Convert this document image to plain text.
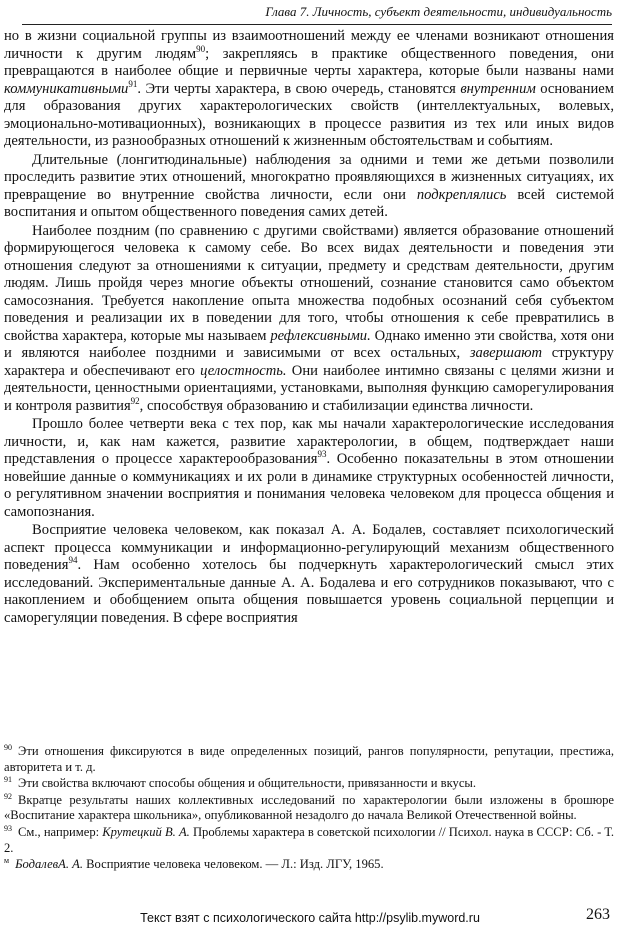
Глава 7. Личность, субъект деятельности, индивидуальность

но в жизни социальной группы из взаимоотношений между ее членами возникают отношения личности к другим людям$^{90}$; закрепляясь в практике общественного поведения, они превращаются в наиболее общие и первичные черты характера, которые были названы нами коммуникативными$^{91}$. Эти черты характера, в свою очередь, становятся внутренним основанием для образования других характерологических свойств (интеллектуальных, волевых, эмоционально-мотивационных), возникающих в процессе развития из тех или иных видов деятельности, из разнообразных отношений к жизненным обстоятельствам и событиям.

Длительные (лонгитюдинальные) наблюдения за одними и теми же детьми позволили проследить развитие этих отношений, многократно проявляющихся в жизненных ситуациях, их превращение во внутренние свойства личности, если они подкреплялись всей системой воспитания и опытом общественного поведения самих детей.

Наиболее поздним (по сравнению с другими свойствами) является образование отношений формирующегося человека к самому себе. Во всех видах деятельности и поведения эти отношения следуют за отношениями к ситуации, предмету и средствам деятельности, другим людям. Лишь пройдя через многие объекты отношений, сознание становится само объектом самосознания. Требуется накопление опыта множества подобных осознаний себя субъектом поведения и реализации их в поведении для того, чтобы отношения к себе превратились в свойства характера, которые мы называем рефлексивными. Однако именно эти свойства, хотя они и являются наиболее поздними и зависимыми от всех остальных, завершают структуру характера и обеспечивают его целостность. Они наиболее интимно связаны с целями жизни и деятельности, ценностными ориентациями, установками, выполняя функцию саморегулирования и контроля развития$^{92}$, способствуя образованию и стабилизации единства личности.

Прошло более четверти века с тех пор, как мы начали характерологические исследования личности, и, как нам кажется, развитие характерологии, в общем, подтверждает наши представления о процессе характерообразования$^{93}$. Особенно показательны в этом отношении новейшие данные о коммуникациях и их роли в динамике структурных особенностей личности, о регулятивном значении восприятия и понимания человека человеком для процесса общения и самопознания.

Восприятие человека человеком, как показал А. А. Бодалев, составляет психологический аспект процесса коммуникации и информационно-регулирующий механизм общественного поведения$^{94}$. Нам особенно хотелось бы подчеркнуть характерологический смысл этих исследований. Экспериментальные данные А. А. Бодалева и его сотрудников показывают, что с накоплением и обобщением опыта общения повышается уровень социальной перцепции и саморегуляции поведения. В сфере восприятия

$^{90}$ Эти отношения фиксируются в виде определенных позиций, рангов популярности, репутации, престижа, авторитета и т. д.
$^{91}$ Эти свойства включают способы общения и общительности, привязанности и вкусы.
$^{92}$ Вкратце результаты наших коллективных исследований по характерологии были изложены в брошюре «Воспитание характера школьника», опубликованной незадолго до начала Великой Отечественной войны.
$^{93}$ См., например: Крутецкий В. А. Проблемы характера в советской психологии // Психол. наука в СССР: Сб. - Т. 2.
$^м$ БодалевА. А. Восприятие человека человеком. — Л.: Изд. ЛГУ, 1965.
Текст взят с психологического сайта http://psylib.myword.ru	263
